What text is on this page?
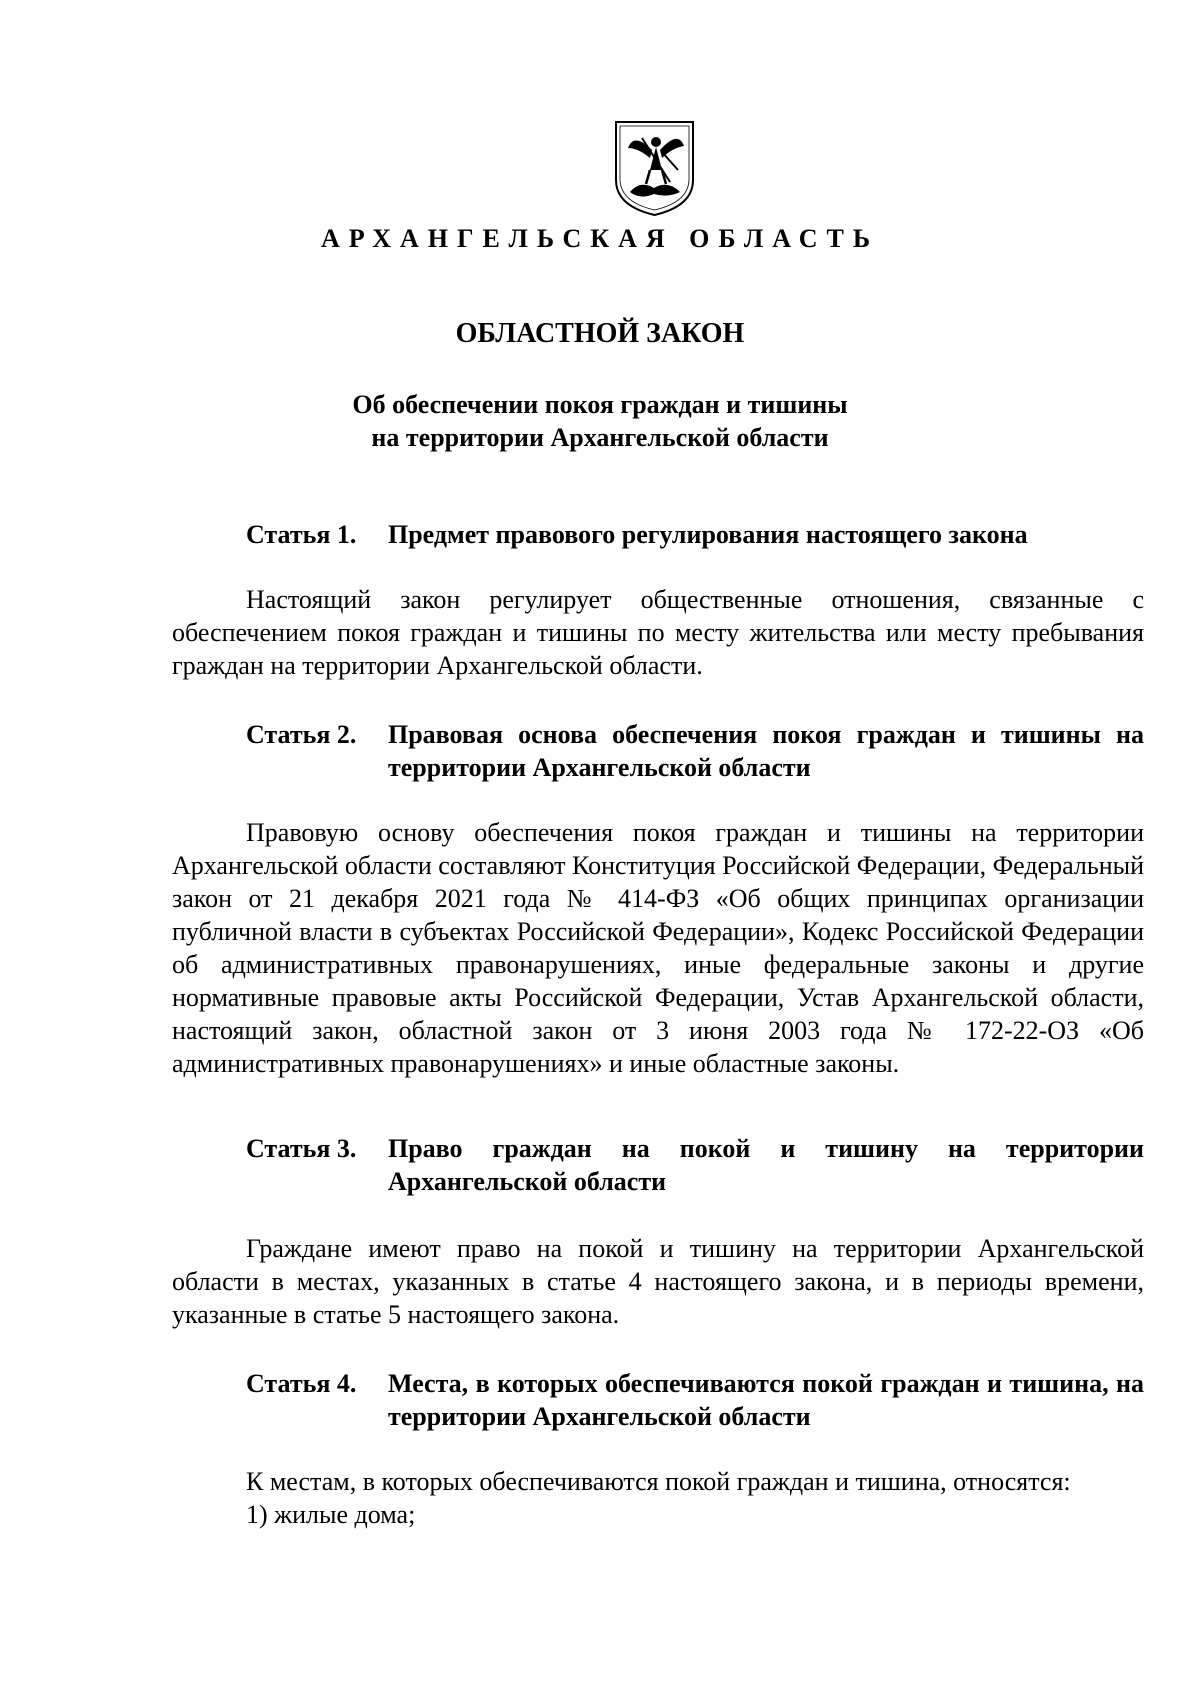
АРХАНГЕЛЬСКАЯ ОБЛАСТЬ
ОБЛАСТНОЙ ЗАКОН
Об обеспечении покоя граждан и тишины
на территории Архангельской области
Статья 1. Предмет правового регулирования настоящего закона
Настоящий закон регулирует общественные отношения, связанные с обеспечением покоя граждан и тишины по месту жительства или месту пребывания граждан на территории Архангельской области.
Статья 2. Правовая основа обеспечения покоя граждан и тишины на территории Архангельской области
Правовую основу обеспечения покоя граждан и тишины на территории Архангельской области составляют Конституция Российской Федерации, Федеральный закон от 21 декабря 2021 года № 414-ФЗ «Об общих принципах организации публичной власти в субъектах Российской Федерации», Кодекс Российской Федерации об административных правонарушениях, иные федеральные законы и другие нормативные правовые акты Российской Федерации, Устав Архангельской области, настоящий закон, областной закон от 3 июня 2003 года № 172-22-ОЗ «Об административных правонарушениях» и иные областные законы.
Статья 3. Право граждан на покой и тишину на территории Архангельской области
Граждане имеют право на покой и тишину на территории Архангельской области в местах, указанных в статье 4 настоящего закона, и в периоды времени, указанные в статье 5 настоящего закона.
Статья 4. Места, в которых обеспечиваются покой граждан и тишина, на территории Архангельской области

К местам, в которых обеспечиваются покой граждан и тишина, относятся:

1) жилые дома;
